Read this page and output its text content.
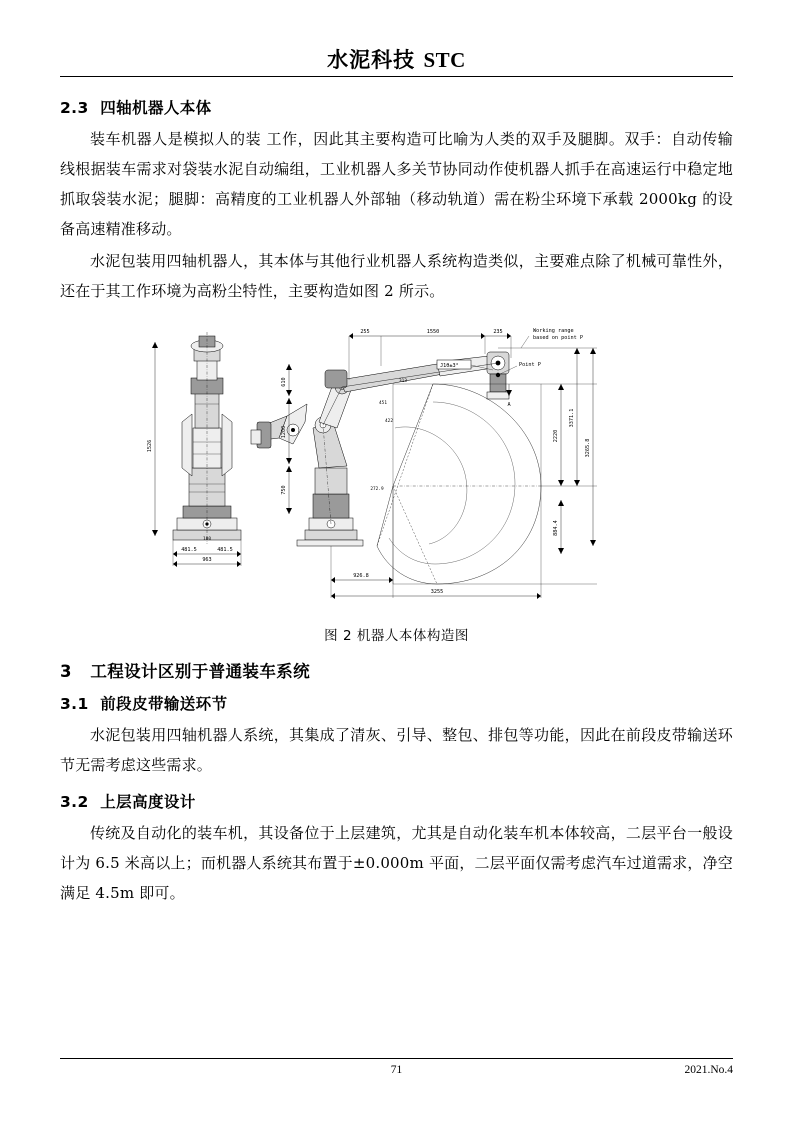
水泥科技 STC
2.3 四轴机器人本体

装车机器人是模拟人的装 工作，因此其主要构造可比喻为人类的双手及腿脚。双手：自动传输线根据装车需求对袋装水泥自动编组，工业机器人多关节协同动作使机器人抓手在高速运行中稳定地抓取袋装水泥；腿脚：高精度的工业机器人外部轴（移动轨道）需在粉尘环境下承载 2000kg 的设备高速精准移动。

水泥包装用四轴机器人，其本体与其他行业机器人系统构造类似，主要难点除了机械可靠性外，还在于其工作环境为高粉尘特性，主要构造如图 2 所示。

1526
481.5	481.5
963
180
255	1550	235
610
1200
750	272.9
313
451
422
Point P
J1θ±3°
A
Working range
based on point P
2220
3371.1
3265.8
884.4
926.8
3255
图 2 机器人本体构造图
3 工程设计区别于普通装车系统
3.1 前段皮带输送环节

水泥包装用四轴机器人系统，其集成了清灰、引导、整包、排包等功能，因此在前段皮带输送环节无需考虑这些需求。

3.2 上层高度设计

传统及自动化的装车机，其设备位于上层建筑，尤其是自动化装车机本体较高，二层平台一般设计为 6.5 米高以上；而机器人系统其布置于±0.000m 平面，二层平面仅需考虑汽车过道需求，净空满足 4.5m 即可。

71	2021.No.4
